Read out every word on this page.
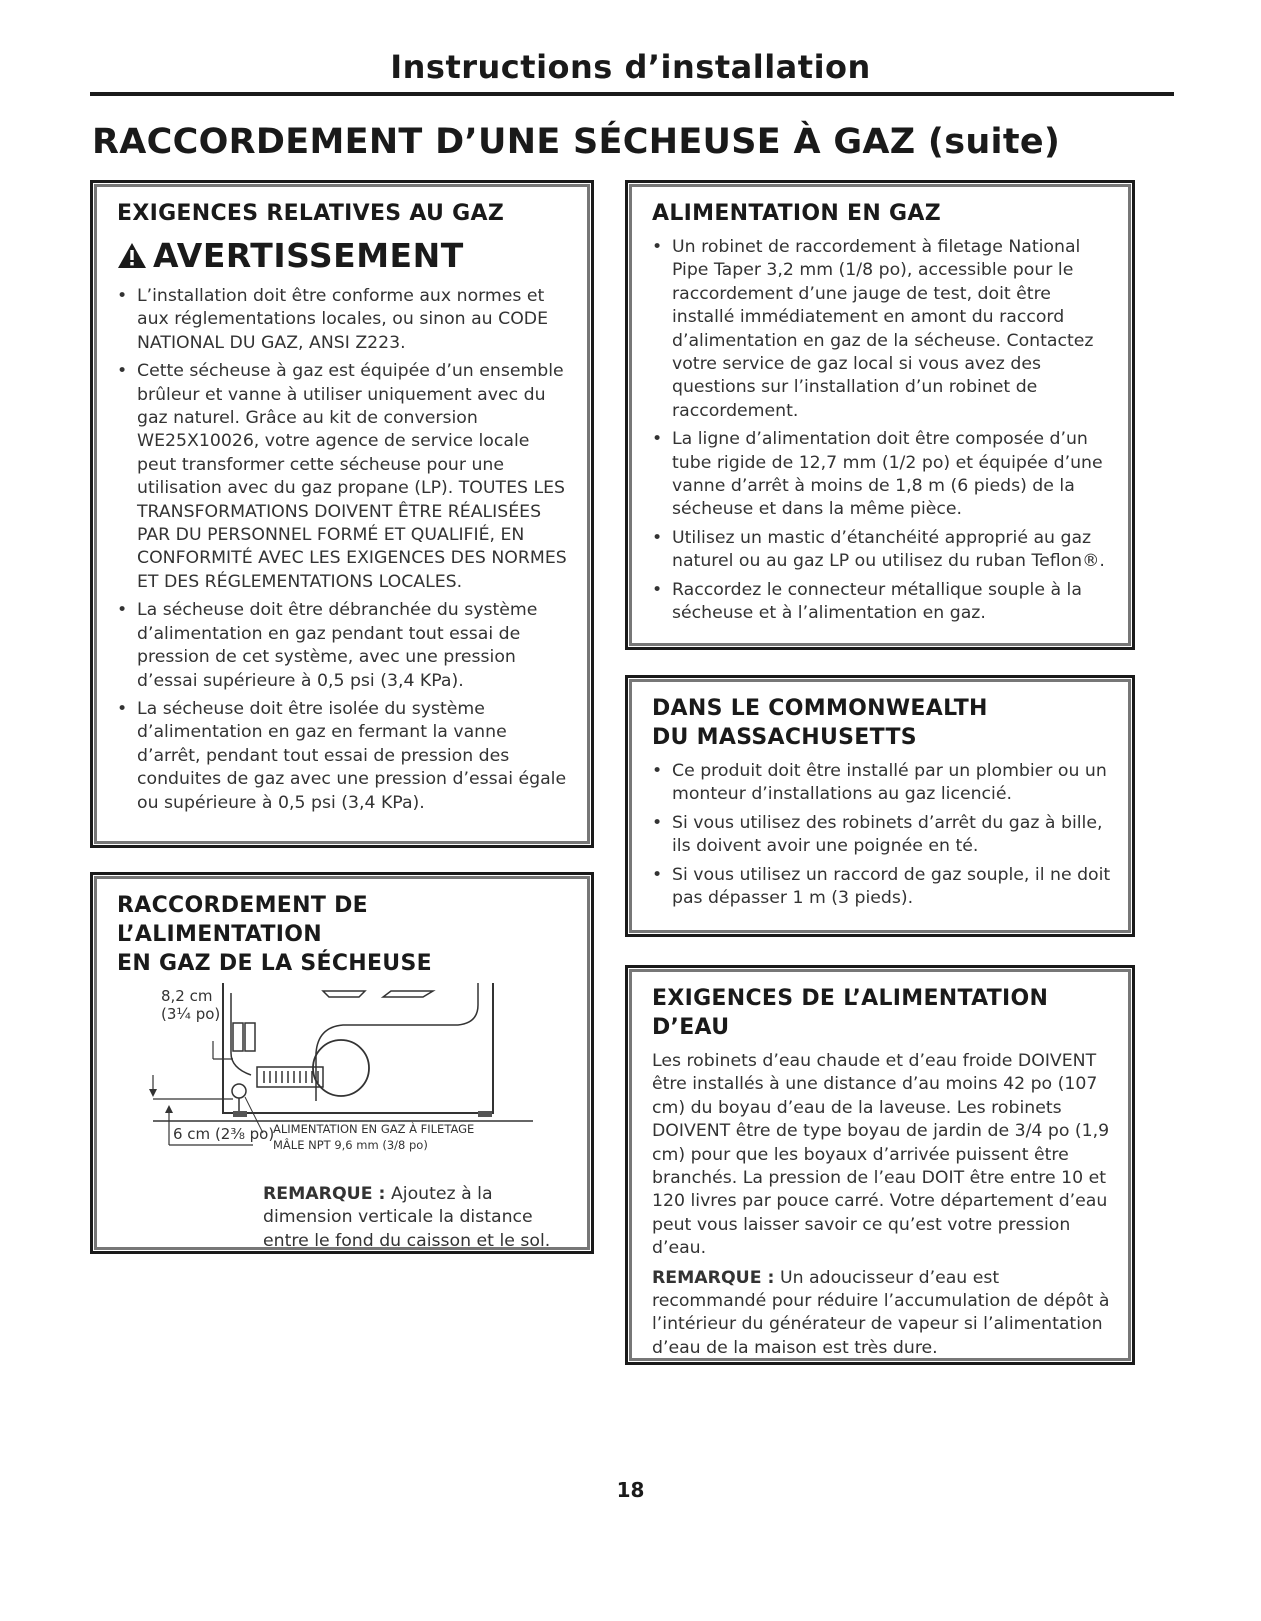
Instructions d’installation
RACCORDEMENT D’UNE SÉCHEUSE À GAZ (suite)
EXIGENCES RELATIVES AU GAZ
AVERTISSEMENT
• L’installation doit être conforme aux normes et aux réglementations locales, ou sinon au CODE NATIONAL DU GAZ, ANSI Z223.
• Cette sécheuse à gaz est équipée d’un ensemble brûleur et vanne à utiliser uniquement avec du gaz naturel. Grâce au kit de conversion WE25X10026, votre agence de service locale peut transformer cette sécheuse pour une utilisation avec du gaz propane (LP). TOUTES LES TRANSFORMATIONS DOIVENT ÊTRE RÉALISÉES PAR DU PERSONNEL FORMÉ ET QUALIFIÉ, EN CONFORMITÉ AVEC LES EXIGENCES DES NORMES ET DES RÉGLEMENTATIONS LOCALES.
• La sécheuse doit être débranchée du système d’alimentation en gaz pendant tout essai de pression de cet système, avec une pression d’essai supérieure à 0,5 psi (3,4 KPa).
• La sécheuse doit être isolée du système d’alimentation en gaz en fermant la vanne d’arrêt, pendant tout essai de pression des conduites de gaz avec une pression d’essai égale ou supérieure à 0,5 psi (3,4 KPa).
RACCORDEMENT DE L’ALIMENTATION
EN GAZ DE LA SÉCHEUSE
8,2 cm
(3¼ po)
6 cm (2⅜ po)
ALIMENTATION EN GAZ À FILETAGE
MÂLE NPT 9,6 mm (3/8 po)
REMARQUE : Ajoutez à la dimension verticale la distance entre le fond du caisson et le sol.
ALIMENTATION EN GAZ
• Un robinet de raccordement à filetage National Pipe Taper 3,2 mm (1/8 po), accessible pour le raccordement d’une jauge de test, doit être installé immédiatement en amont du raccord d’alimentation en gaz de la sécheuse. Contactez votre service de gaz local si vous avez des questions sur l’installation d’un robinet de raccordement.
• La ligne d’alimentation doit être composée d’un tube rigide de 12,7 mm (1/2 po) et équipée d’une vanne d’arrêt à moins de 1,8 m (6 pieds) de la sécheuse et dans la même pièce.
• Utilisez un mastic d’étanchéité approprié au gaz naturel ou au gaz LP ou utilisez du ruban Teflon®.
• Raccordez le connecteur métallique souple à la sécheuse et à l’alimentation en gaz.
DANS LE COMMONWEALTH
DU MASSACHUSETTS
• Ce produit doit être installé par un plombier ou un monteur d’installations au gaz licencié.
• Si vous utilisez des robinets d’arrêt du gaz à bille, ils doivent avoir une poignée en té.
• Si vous utilisez un raccord de gaz souple, il ne doit pas dépasser 1 m (3 pieds).
EXIGENCES DE L’ALIMENTATION D’EAU

Les robinets d’eau chaude et d’eau froide DOIVENT être installés à une distance d’au moins 42 po (107 cm) du boyau d’eau de la laveuse. Les robinets DOIVENT être de type boyau de jardin de 3/4 po (1,9 cm) pour que les boyaux d’arrivée puissent être branchés. La pression de l’eau DOIT être entre 10 et 120 livres par pouce carré. Votre département d’eau peut vous laisser savoir ce qu’est votre pression d’eau.

REMARQUE : Un adoucisseur d’eau est recommandé pour réduire l’accumulation de dépôt à l’intérieur du générateur de vapeur si l’alimentation d’eau de la maison est très dure.

18
